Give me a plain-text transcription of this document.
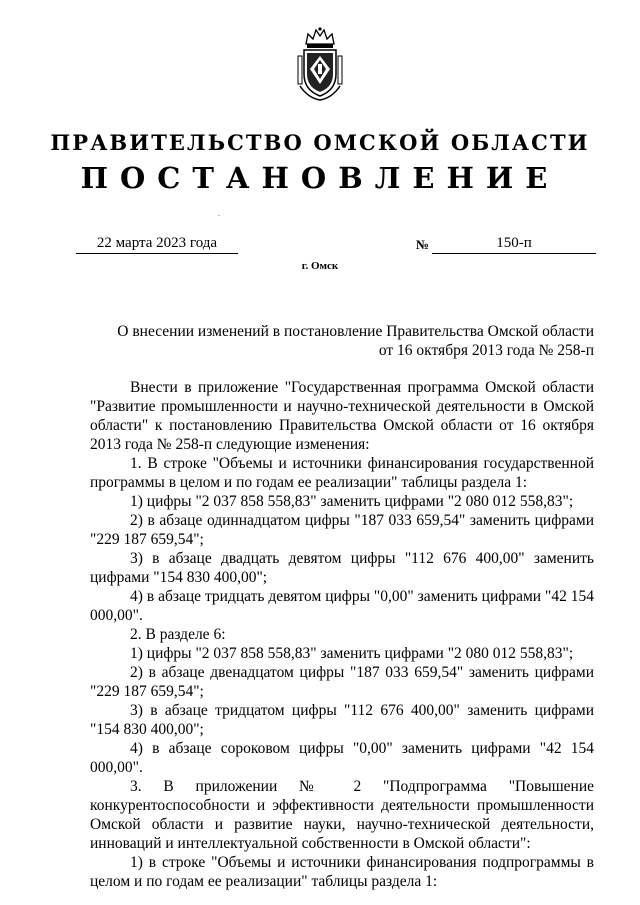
ПРАВИТЕЛЬСТВО ОМСКОЙ ОБЛАСТИ
ПОСТАНОВЛЕНИЕ
22 марта 2023 года	№	150-п
г. Омск
О внесении изменений в постановление Правительства Омской области
от 16 октября 2013 года № 258-п

Внести в приложение "Государственная программа Омской области "Развитие промышленности и научно-технической деятельности в Омской области" к постановлению Правительства Омской области от 16 октября 2013 года № 258-п следующие изменения:

1. В строке "Объемы и источники финансирования государственной программы в целом и по годам ее реализации" таблицы раздела 1:

1) цифры "2 037 858 558,83" заменить цифрами "2 080 012 558,83";

2) в абзаце одиннадцатом цифры "187 033 659,54" заменить цифрами "229 187 659,54";

3) в абзаце двадцать девятом цифры "112 676 400,00" заменить цифрами "154 830 400,00";

4) в абзаце тридцать девятом цифры "0,00" заменить цифрами "42 154 000,00".

2. В разделе 6:

1) цифры "2 037 858 558,83" заменить цифрами "2 080 012 558,83";

2) в абзаце двенадцатом цифры "187 033 659,54" заменить цифрами "229 187 659,54";

3) в абзаце тридцатом цифры "112 676 400,00" заменить цифрами "154 830 400,00";

4) в абзаце сороковом цифры "0,00" заменить цифрами "42 154 000,00".

3. В приложении № 2 "Подпрограмма "Повышение конкурентоспособности и эффективности деятельности промышленности Омской области и развитие науки, научно-технической деятельности, инноваций и интеллектуальной собственности в Омской области":

1) в строке "Объемы и источники финансирования подпрограммы в целом и по годам ее реализации" таблицы раздела 1:
